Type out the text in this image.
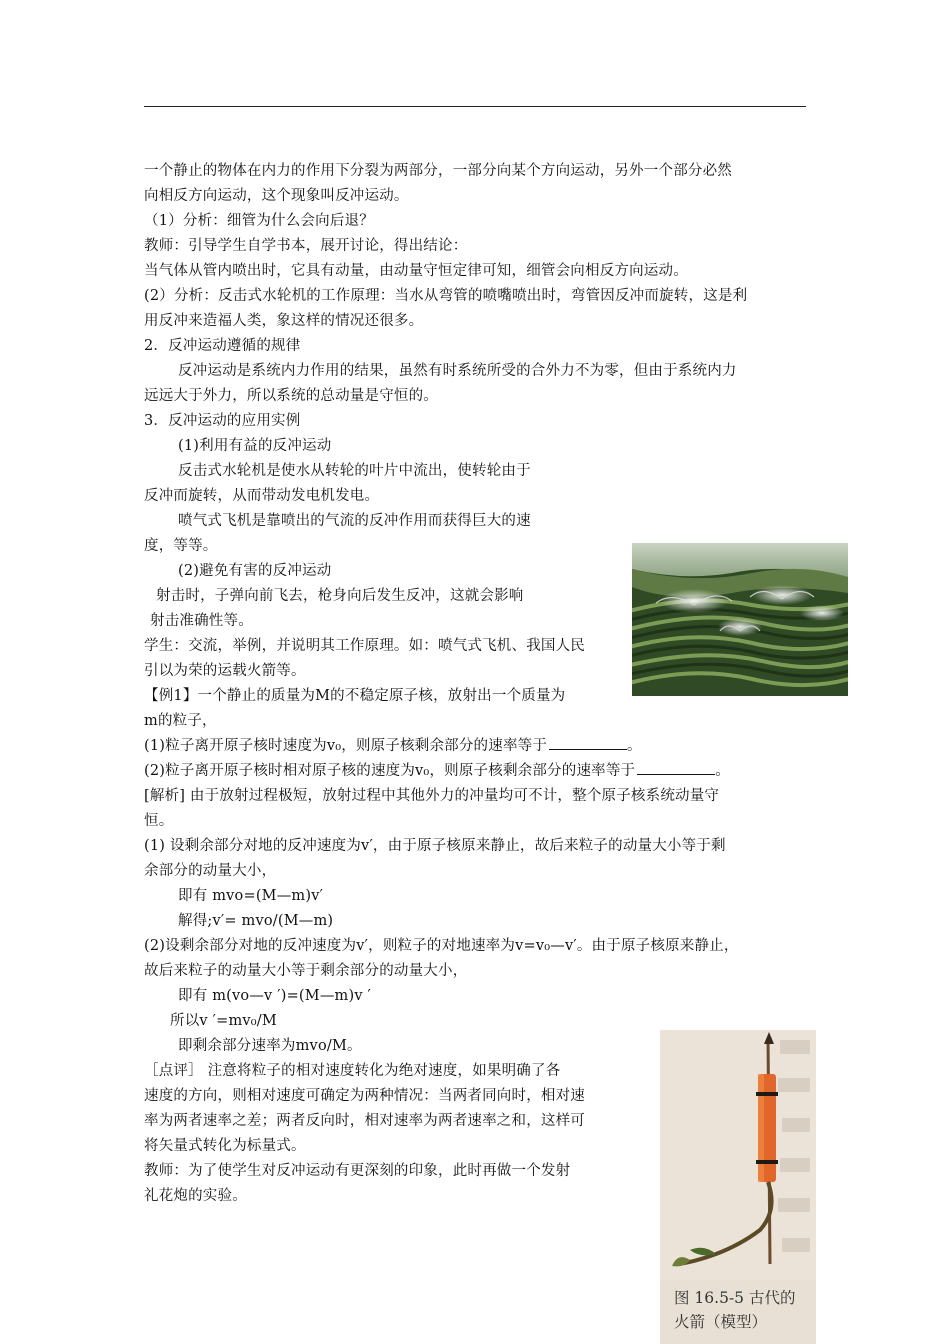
一个静止的物体在内力的作用下分裂为两部分，一部分向某个方向运动，另外一个部分必然
向相反方向运动，这个现象叫反冲运动。
（1）分析：细管为什么会向后退？
教师：引导学生自学书本，展开讨论，得出结论：
当气体从管内喷出时，它具有动量，由动量守恒定律可知，细管会向相反方向运动。
(2）分析：反击式水轮机的工作原理：当水从弯管的喷嘴喷出时，弯管因反冲而旋转，这是利
用反冲来造福人类，象这样的情况还很多。
2．反冲运动遵循的规律
反冲运动是系统内力作用的结果，虽然有时系统所受的合外力不为零，但由于系统内力
远远大于外力，所以系统的总动量是守恒的。
3．反冲运动的应用实例
(1)利用有益的反冲运动
反击式水轮机是使水从转轮的叶片中流出，使转轮由于
反冲而旋转，从而带动发电机发电。
喷气式飞机是靠喷出的气流的反冲作用而获得巨大的速
度，等等。
(2)避免有害的反冲运动
射击时，子弹向前飞去，枪身向后发生反冲，这就会影响
射击准确性等。
学生：交流，举例，并说明其工作原理。如：喷气式飞机、我国人民
引以为荣的运载火箭等。
【例1】一个静止的质量为M的不稳定原子核，放射出一个质量为
m的粒子，
(1)粒子离开原子核时速度为v₀，则原子核剩余部分的速率等于	。
(2)粒子离开原子核时相对原子核的速度为v₀，则原子核剩余部分的速率等于	。
[解析] 由于放射过程极短，放射过程中其他外力的冲量均可不计，整个原子核系统动量守
恒。
(1) 设剩余部分对地的反冲速度为v′，由于原子核原来静止，故后来粒子的动量大小等于剩
余部分的动量大小，
即有 mvo=(M—m)v′
解得;v′= mvo/(M—m)
(2)设剩余部分对地的反冲速度为v′，则粒子的对地速率为v=v₀—v′。由于原子核原来静止，
故后来粒子的动量大小等于剩余部分的动量大小，
即有 m(vo—v ′)=(M—m)v ′
所以v ′=mv₀/M
即剩余部分速率为mvo/M。
［点评］ 注意将粒子的相对速度转化为绝对速度，如果明确了各
速度的方向，则相对速度可确定为两种情况：当两者同向时，相对速
率为两者速率之差；两者反向时，相对速率为两者速率之和，这样可
将矢量式转化为标量式。
教师：为了使学生对反冲运动有更深刻的印象，此时再做一个发射
礼花炮的实验。
图 16.5-5 古代的
火箭（模型）
